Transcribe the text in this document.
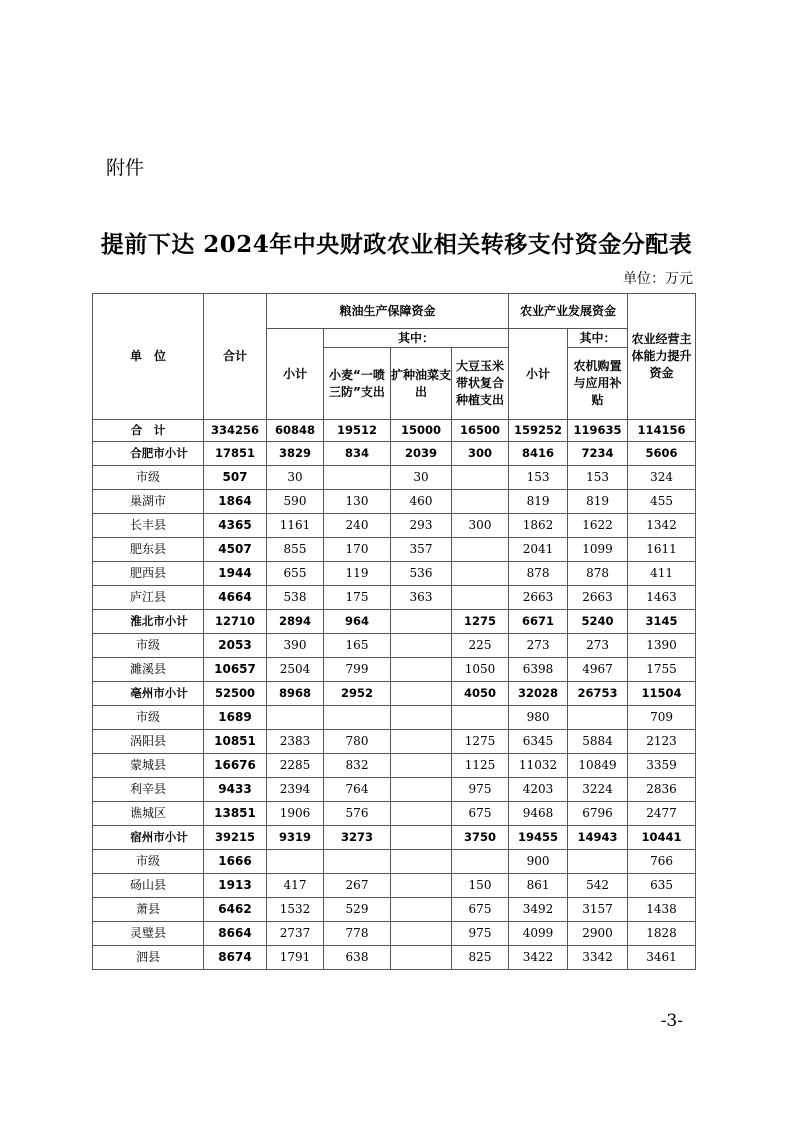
附件
提前下达 2024年中央财政农业相关转移支付资金分配表
单位：万元
单　位	合计	粮油生产保障资金				农业产业发展资金		农业经营主体能力提升资金
		小计	其中：			小计	其中：	
			小麦“一喷三防”支出	扩种油菜支出	大豆玉米带状复合种植支出		农机购置与应用补贴	
合　计	334256	60848	19512	15000	16500	159252	119635	114156
合肥市小计	17851	3829	834	2039	300	8416	7234	5606
市级	507	30		30		153	153	324
巢湖市	1864	590	130	460		819	819	455
长丰县	4365	1161	240	293	300	1862	1622	1342
肥东县	4507	855	170	357		2041	1099	1611
肥西县	1944	655	119	536		878	878	411
庐江县	4664	538	175	363		2663	2663	1463
淮北市小计	12710	2894	964		1275	6671	5240	3145
市级	2053	390	165		225	273	273	1390
濉溪县	10657	2504	799		1050	6398	4967	1755
亳州市小计	52500	8968	2952		4050	32028	26753	11504
市级	1689					980		709
涡阳县	10851	2383	780		1275	6345	5884	2123
蒙城县	16676	2285	832		1125	11032	10849	3359
利辛县	9433	2394	764		975	4203	3224	2836
谯城区	13851	1906	576		675	9468	6796	2477
宿州市小计	39215	9319	3273		3750	19455	14943	10441
市级	1666					900		766
砀山县	1913	417	267		150	861	542	635
萧县	6462	1532	529		675	3492	3157	1438
灵璧县	8664	2737	778		975	4099	2900	1828
泗县	8674	1791	638		825	3422	3342	3461
-3-
